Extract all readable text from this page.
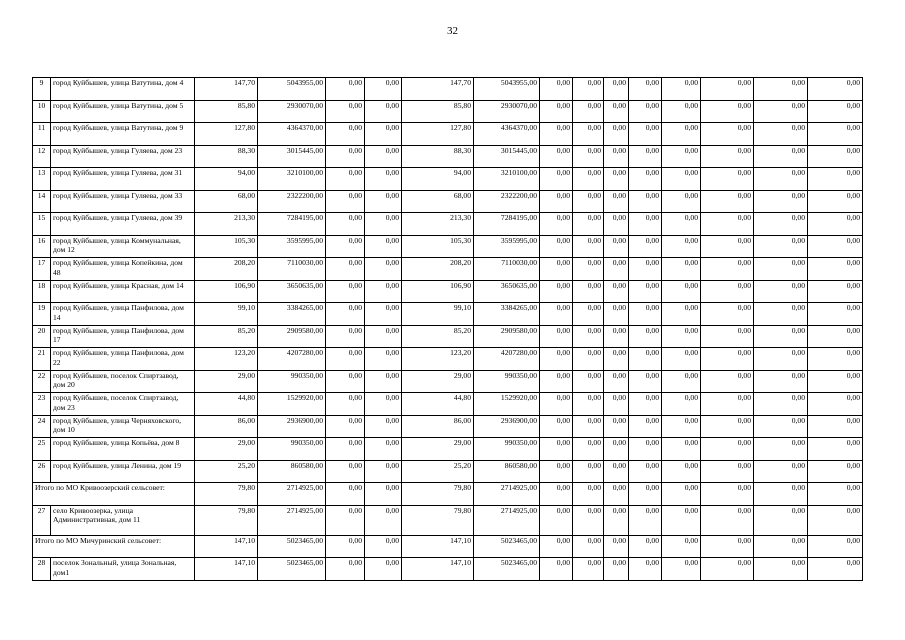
32
9	город Куйбышев, улица Ватутина, дом 4	147,70	5043955,00	0,00	0,00	147,70	5043955,00	0,00	0,00	0,00	0,00	0,00	0,00	0,00	0,00
10	город Куйбышев, улица Ватутина, дом 5	85,80	2930070,00	0,00	0,00	85,80	2930070,00	0,00	0,00	0,00	0,00	0,00	0,00	0,00	0,00
11	город Куйбышев, улица Ватутина, дом 9	127,80	4364370,00	0,00	0,00	127,80	4364370,00	0,00	0,00	0,00	0,00	0,00	0,00	0,00	0,00
12	город Куйбышев, улица Гуляева, дом 23	88,30	3015445,00	0,00	0,00	88,30	3015445,00	0,00	0,00	0,00	0,00	0,00	0,00	0,00	0,00
13	город Куйбышев, улица Гуляева, дом 31	94,00	3210100,00	0,00	0,00	94,00	3210100,00	0,00	0,00	0,00	0,00	0,00	0,00	0,00	0,00
14	город Куйбышев, улица Гуляева, дом 33	68,00	2322200,00	0,00	0,00	68,00	2322200,00	0,00	0,00	0,00	0,00	0,00	0,00	0,00	0,00
15	город Куйбышев, улица Гуляева, дом 39	213,30	7284195,00	0,00	0,00	213,30	7284195,00	0,00	0,00	0,00	0,00	0,00	0,00	0,00	0,00
16	город Куйбышев, улица Коммунальная, дом 12	105,30	3595995,00	0,00	0,00	105,30	3595995,00	0,00	0,00	0,00	0,00	0,00	0,00	0,00	0,00
17	город Куйбышев, улица Копейкина, дом 48	208,20	7110030,00	0,00	0,00	208,20	7110030,00	0,00	0,00	0,00	0,00	0,00	0,00	0,00	0,00
18	город Куйбышев, улица Красная, дом 14	106,90	3650635,00	0,00	0,00	106,90	3650635,00	0,00	0,00	0,00	0,00	0,00	0,00	0,00	0,00
19	город Куйбышев, улица Панфилова, дом 14	99,10	3384265,00	0,00	0,00	99,10	3384265,00	0,00	0,00	0,00	0,00	0,00	0,00	0,00	0,00
20	город Куйбышев, улица Панфилова, дом 17	85,20	2909580,00	0,00	0,00	85,20	2909580,00	0,00	0,00	0,00	0,00	0,00	0,00	0,00	0,00
21	город Куйбышев, улица Панфилова, дом 22	123,20	4207280,00	0,00	0,00	123,20	4207280,00	0,00	0,00	0,00	0,00	0,00	0,00	0,00	0,00
22	город Куйбышев, поселок Спиртзавод, дом 20	29,00	990350,00	0,00	0,00	29,00	990350,00	0,00	0,00	0,00	0,00	0,00	0,00	0,00	0,00
23	город Куйбышев, поселок Спиртзавод, дом 23	44,80	1529920,00	0,00	0,00	44,80	1529920,00	0,00	0,00	0,00	0,00	0,00	0,00	0,00	0,00
24	город Куйбышев, улица Черняховского, дом 10	86,00	2936900,00	0,00	0,00	86,00	2936900,00	0,00	0,00	0,00	0,00	0,00	0,00	0,00	0,00
25	город Куйбышев, улица Копьёва, дом 8	29,00	990350,00	0,00	0,00	29,00	990350,00	0,00	0,00	0,00	0,00	0,00	0,00	0,00	0,00
26	город Куйбышев, улица Ленина, дом 19	25,20	860580,00	0,00	0,00	25,20	860580,00	0,00	0,00	0,00	0,00	0,00	0,00	0,00	0,00
Итого по МО Кривоозерский сельсовет:		79,80	2714925,00	0,00	0,00	79,80	2714925,00	0,00	0,00	0,00	0,00	0,00	0,00	0,00	0,00
27	село Кривоозерка, улица Административная, дом 11	79,80	2714925,00	0,00	0,00	79,80	2714925,00	0,00	0,00	0,00	0,00	0,00	0,00	0,00	0,00
Итого по МО Мичуринский сельсовет:		147,10	5023465,00	0,00	0,00	147,10	5023465,00	0,00	0,00	0,00	0,00	0,00	0,00	0,00	0,00
28	поселок Зональный, улица Зональная, дом1	147,10	5023465,00	0,00	0,00	147,10	5023465,00	0,00	0,00	0,00	0,00	0,00	0,00	0,00	0,00
